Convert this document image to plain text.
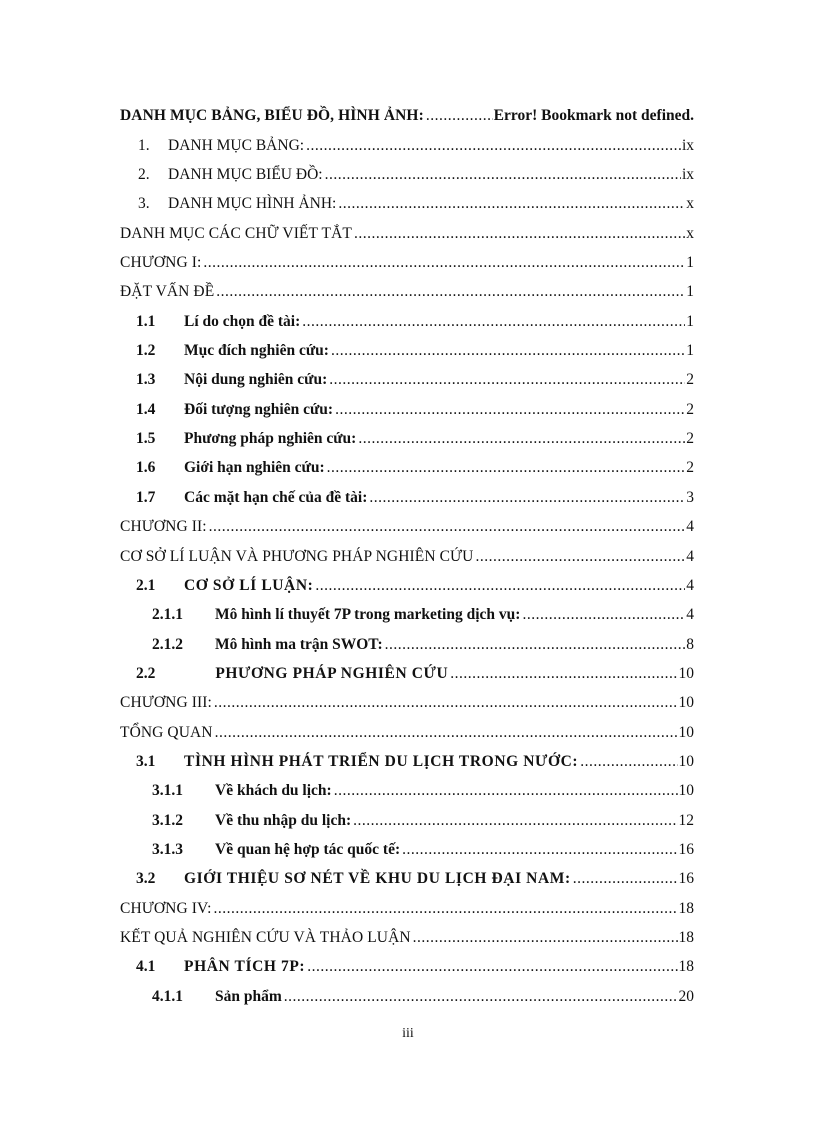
DANH MỤC BẢNG, BIỂU ĐỒ, HÌNH ẢNH: .....	Error! Bookmark not defined.
1. DANH MỤC BẢNG: .....	ix
2. DANH MỤC BIỂU ĐỒ: .....	ix
3. DANH MỤC HÌNH ẢNH: .....	x
DANH MỤC CÁC CHỮ VIẾT TẮT .....	x
CHƯƠNG I: .....	1
ĐẶT VẤN ĐỀ .....	1
1.1 Lí do chọn đề tài: .....	1
1.2 Mục đích nghiên cứu: .....	1
1.3 Nội dung nghiên cứu: .....	2
1.4 Đối tượng nghiên cứu: .....	2
1.5 Phương pháp nghiên cứu: .....	2
1.6 Giới hạn nghiên cứu: .....	2
1.7 Các mặt hạn chế của đề tài: .....	3
CHƯƠNG II: .....	4
CƠ SỞ LÍ LUẬN VÀ PHƯƠNG PHÁP NGHIÊN CỨU .....	4
2.1 CƠ SỞ LÍ LUẬN: .....	4
2.1.1 Mô hình lí thuyết 7P trong marketing dịch vụ: .....	4
2.1.2 Mô hình ma trận SWOT: .....	8
2.2 PHƯƠNG PHÁP NGHIÊN CỨU .....	10
CHƯƠNG III: .....	10
TỔNG QUAN .....	10
3.1 TÌNH HÌNH PHÁT TRIỂN DU LỊCH TRONG NƯỚC: .....	10
3.1.1 Về khách du lịch: .....	10
3.1.2 Về thu nhập du lịch: .....	12
3.1.3 Về quan hệ hợp tác quốc tế: .....	16
3.2 GIỚI THIỆU SƠ NÉT VỀ KHU DU LỊCH ĐẠI NAM: .....	16
CHƯƠNG IV: .....	18
KẾT QUẢ NGHIÊN CỨU VÀ THẢO LUẬN .....	18
4.1 PHÂN TÍCH 7P: .....	18
4.1.1 Sản phẩm .....	20
iii
